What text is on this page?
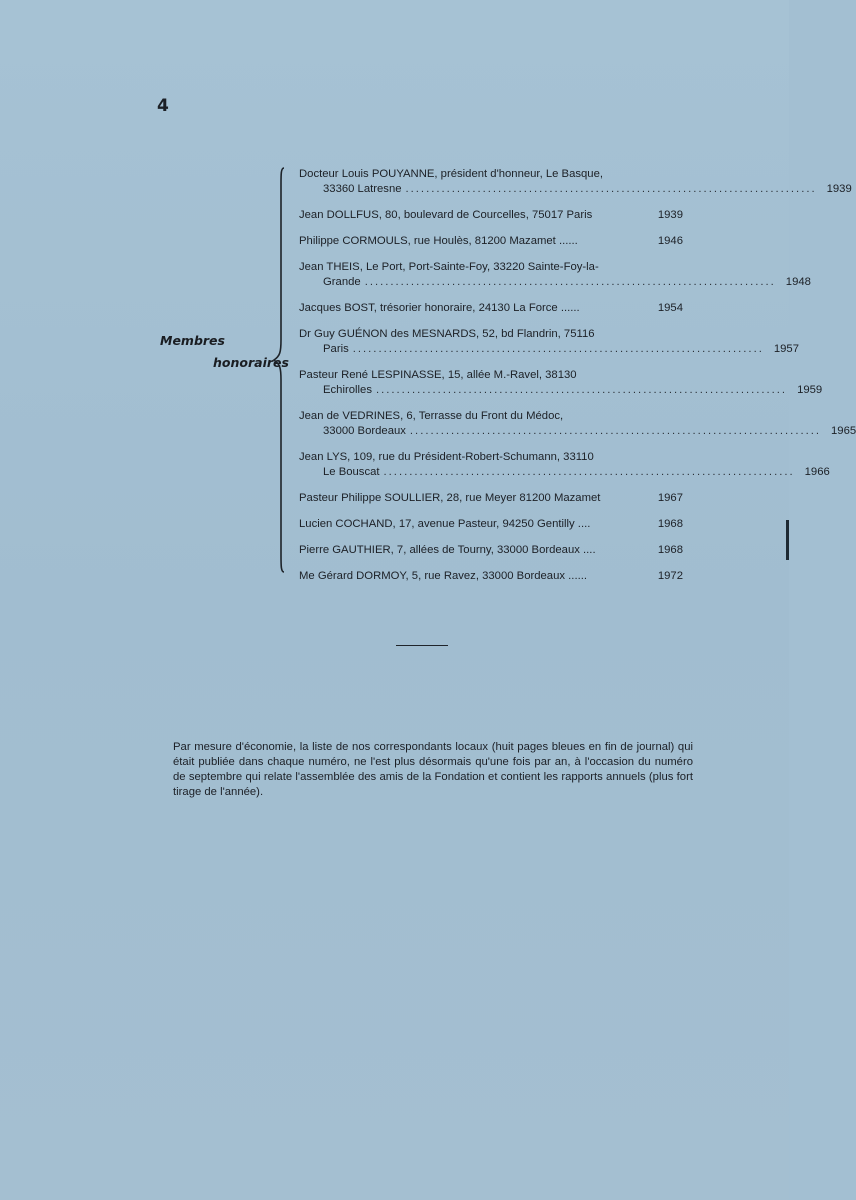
4
Membres
honoraires
Docteur Louis POUYANNE, président d'honneur, Le Basque,
33360 Latresne ................................................................................ 1939
Jean DOLLFUS, 80, boulevard de Courcelles, 75017 Paris	1939
Philippe CORMOULS, rue Houlès, 81200 Mazamet ......	1946
Jean THEIS, Le Port, Port-Sainte-Foy, 33220 Sainte-Foy-la-
Grande ................................................................................ 1948
Jacques BOST, trésorier honoraire, 24130 La Force ......	1954
Dr Guy GUÉNON des MESNARDS, 52, bd Flandrin, 75116
Paris ................................................................................ 1957
Pasteur René LESPINASSE, 15, allée M.-Ravel, 38130
Echirolles ................................................................................ 1959
Jean de VEDRINES, 6, Terrasse du Front du Médoc,
33000 Bordeaux ................................................................................ 1965
Jean LYS, 109, rue du Président-Robert-Schumann, 33110
Le Bouscat ................................................................................ 1966
Pasteur Philippe SOULLIER, 28, rue Meyer 81200 Mazamet	1967
Lucien COCHAND, 17, avenue Pasteur, 94250 Gentilly ....	1968
Pierre GAUTHIER, 7, allées de Tourny, 33000 Bordeaux ....	1968
Me Gérard DORMOY, 5, rue Ravez, 33000 Bordeaux ......	1972
Par mesure d'économie, la liste de nos correspondants locaux (huit pages bleues en fin de journal) qui était publiée dans chaque numéro, ne l'est plus désormais qu'une fois par an, à l'occasion du numéro de septembre qui relate l'assemblée des amis de la Fondation et contient les rapports annuels (plus fort tirage de l'année).
